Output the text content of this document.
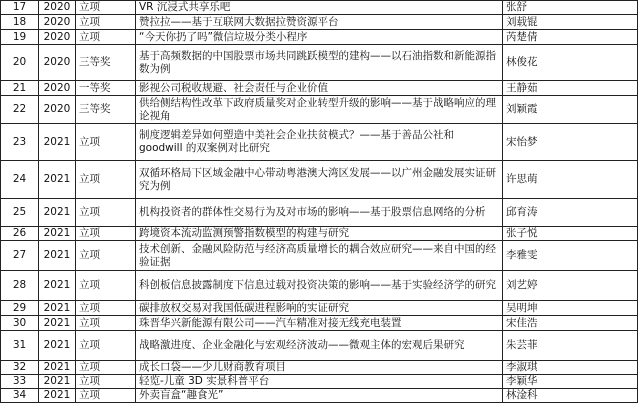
17	2020	立项	VR 沉浸式共享乐吧	张舒
18	2020	立项	赞拉拉——基于互联网大数据拉赞资源平台	刘载锟
19	2020	立项	“今天你扔了吗”微信垃圾分类小程序	芮楚倩
20	2020	三等奖	基于高频数据的中国股票市场共同跳跃模型的建构——以石油指数和新能源指数为例	林俊花
21	2020	一等奖	影视公司税收规避、社会责任与企业价值	王静茹
22	2020	三等奖	供给侧结构性改革下政府质量奖对企业转型升级的影响——基于战略响应的理论视角	刘颖霞
23	2021	立项	制度逻辑差异如何塑造中美社会企业扶贫模式？——基于善品公社和 goodwill 的双案例对比研究	宋怡梦
24	2021	立项	双循环格局下区域金融中心带动粤港澳大湾区发展——以广州金融发展实证研究为例	许思萌
25	2021	立项	机构投资者的群体性交易行为及对市场的影响——基于股票信息网络的分析	邱育涛
26	2021	立项	跨境资本流动监测预警指数模型的构建与研究	张子悦
27	2021	立项	技术创新、金融风险防范与经济高质量增长的耦合效应研究——来自中国的经验证据	李雅雯
28	2021	立项	科创板信息披露制度下信息过载对投资决策的影响——基于实验经济学的研究	刘艺婷
29	2021	立项	碳排放权交易对我国低碳进程影响的实证研究	吴明坤
30	2021	立项	珠晋华兴新能源有限公司——汽车精准对接无线充电装置	宋佳浩
31	2021	立项	战略激进度、企业金融化与宏观经济波动——微观主体的宏观后果研究	朱芸菲
32	2021	立项	成长口袋——少儿财商教育项目	李淑琪
33	2021	立项	轻览-儿童 3D 实景科普平台	李颖华
34	2021	立项	外卖盲盒“趣食光”	林淦科
